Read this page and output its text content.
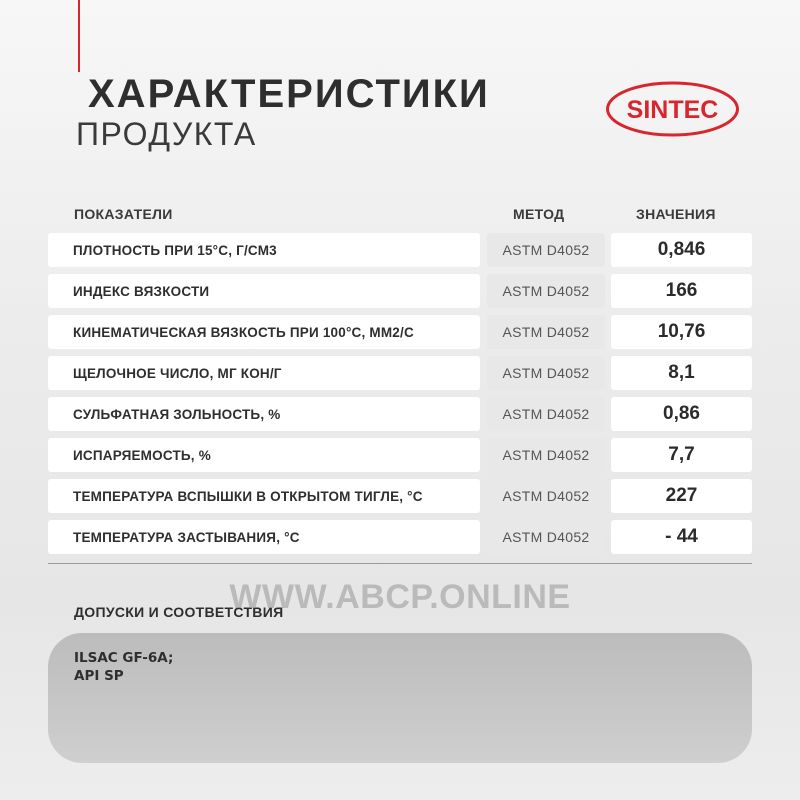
ХАРАКТЕРИСТИКИ
ПРОДУКТА
SINTEC
ПОКАЗАТЕЛИ	МЕТОД	ЗНАЧЕНИЯ
ПЛОТНОСТЬ ПРИ 15°С, Г/СМ3	ASTM D4052	0,846
ИНДЕКС ВЯЗКОСТИ	ASTM D4052	166
КИНЕМАТИЧЕСКАЯ ВЯЗКОСТЬ ПРИ 100°С, ММ2/С	ASTM D4052	10,76
ЩЕЛОЧНОЕ ЧИСЛО, МГ КОН/Г	ASTM D4052	8,1
СУЛЬФАТНАЯ ЗОЛЬНОСТЬ, %	ASTM D4052	0,86
ИСПАРЯЕМОСТЬ, %	ASTM D4052	7,7
ТЕМПЕРАТУРА ВСПЫШКИ В ОТКРЫТОМ ТИГЛЕ, °С	ASTM D4052	227
ТЕМПЕРАТУРА ЗАСТЫВАНИЯ, °С	ASTM D4052	- 44
ДОПУСКИ И СООТВЕТСТВИЯ
ILSAC GF-6A;
API SP
WWW.ABCP.ONLINE
